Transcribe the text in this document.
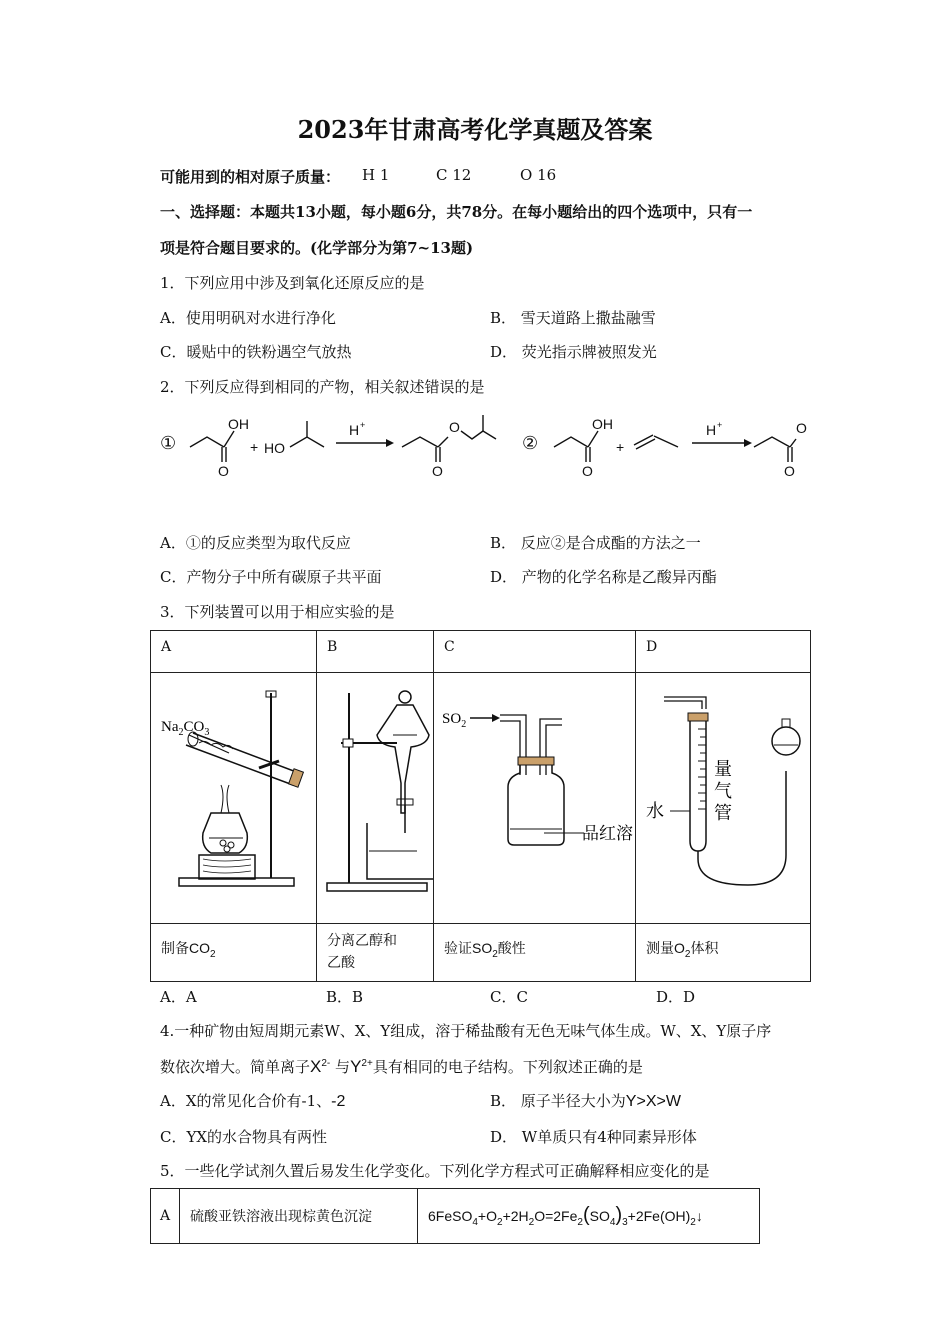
2023年甘肃高考化学真题及答案
可能用到的相对原子质量： H 1	C 12	O 16
一、选择题：本题共13小题，每小题6分，共78分。在每小题给出的四个选项中，只有一
项是符合题目要求的。(化学部分为第7~13题)
1．下列应用中涉及到氧化还原反应的是
A．使用明矾对水进行净化	B． 雪天道路上撒盐融雪
C．暖贴中的铁粉遇空气放热	D． 荧光指示牌被照发光
2．下列反应得到相同的产物，相关叙述错误的是
①
OH
O
+ HO
H +
O
O
②
OH
O
+
H +
O
O
A．①的反应类型为取代反应	B． 反应②是合成酯的方法之一
C．产物分子中所有碳原子共平面	D． 产物的化学名称是乙酸异丙酯
3．下列装置可以用于相应实验的是
A	B	C	D

$Na_2CO_3$		$SO_2$
品红溶	水
量
气
管

制备$CO_2$	分离乙醇和
乙酸	验证$SO_2$酸性	测量$O_2$体积
A．A	B．B	C．C	D．D
4.一种矿物由短周期元素W、X、Y组成，溶于稀盐酸有无色无味气体生成。W、X、Y原子序
数依次增大。简单离子$X^{2-}$ 与$Y^{2+}$具有相同的电子结构。下列叙述正确的是
A．X的常见化合价有-1、-2	B． 原子半径大小为Y>X>W
C．YX的水合物具有两性	D． W单质只有4种同素异形体
5．一些化学试剂久置后易发生化学变化。下列化学方程式可正确解释相应变化的是
A	硫酸亚铁溶液出现棕黄色沉淀	$6FeSO_4+O_2+2H_2O=2Fe_2(SO_4)_3+2Fe(OH)_2↓$
